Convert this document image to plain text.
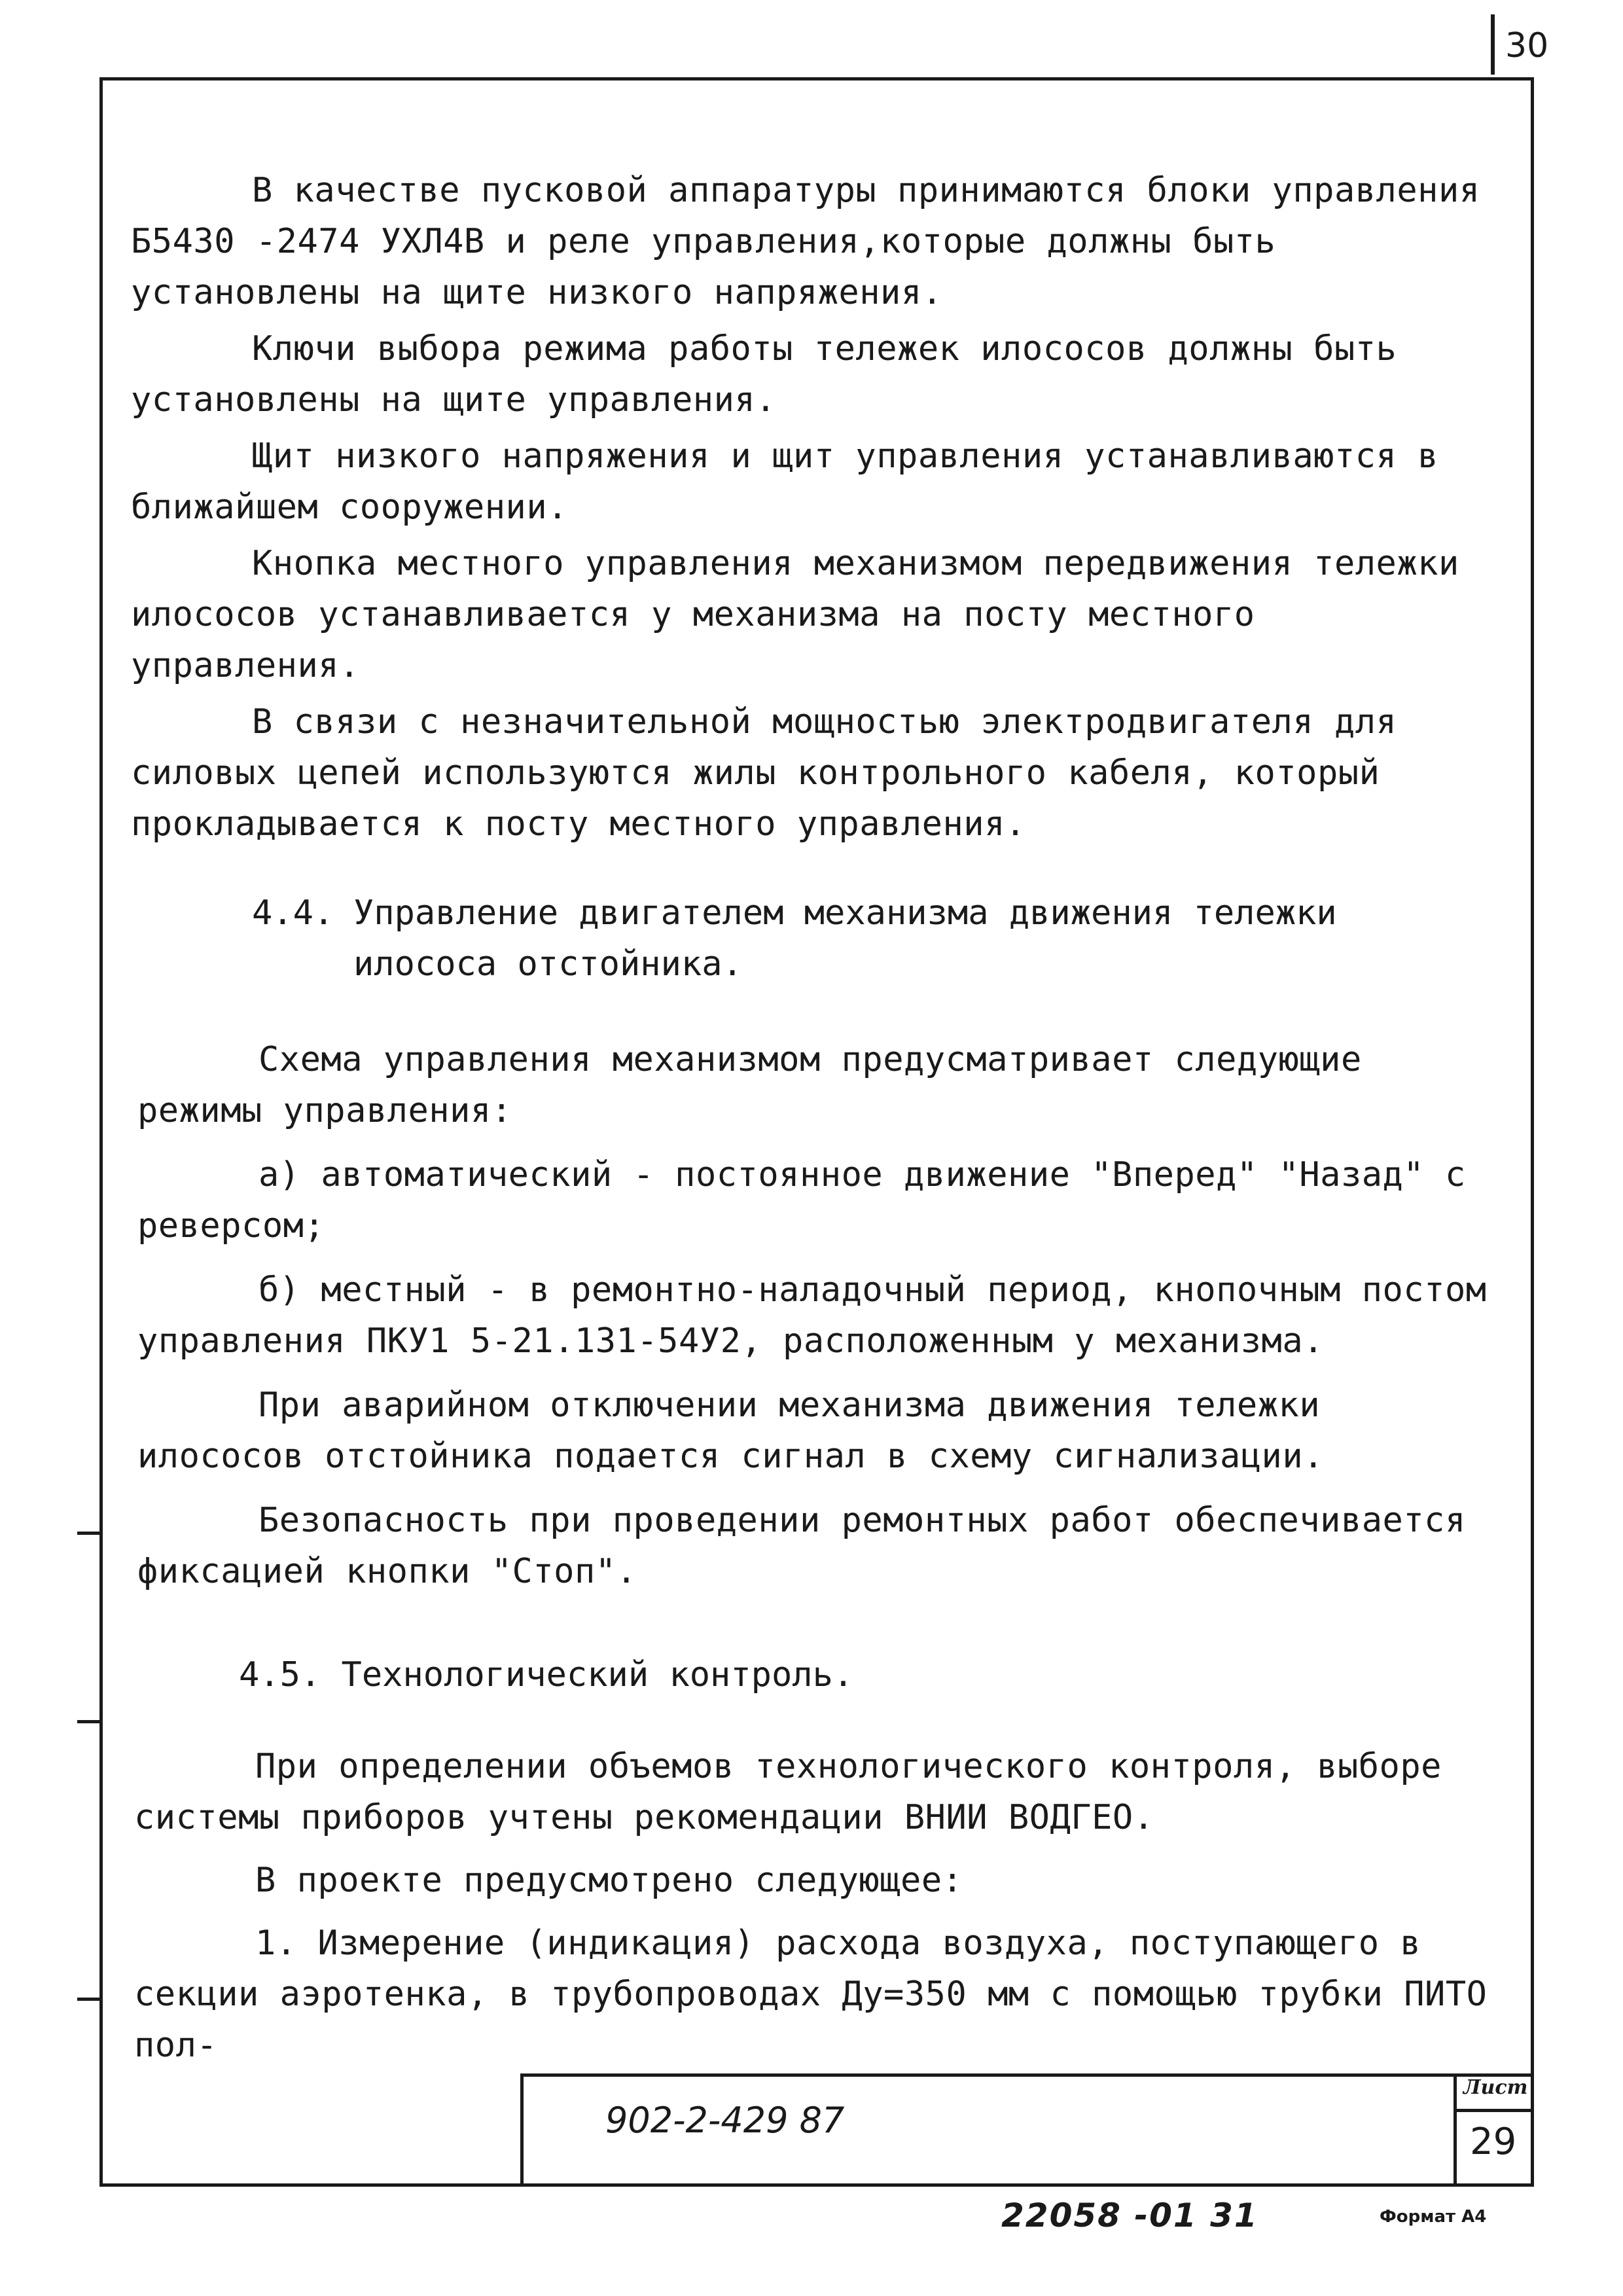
30

В качестве пусковой аппаратуры принимаются блоки управления Б5430 -2474 УХЛ4В и реле управления,которые должны быть установлены на щите низкого напряжения.

Ключи выбора режима работы тележек илососов должны быть установлены на щите управления.

Щит низкого напряжения и щит управления устанавливаются в ближайшем сооружении.

Кнопка местного управления механизмом передвижения тележки илососов устанавливается у механизма на посту местного управления.

В связи с незначительной мощностью электродвигателя для силовых цепей используются жилы контрольного кабеля, который прокладывается к посту местного управления.

4.4. Управление двигателем механизма движения тележки илососа отстойника.

Схема управления механизмом предусматривает следующие режимы управления:

а) автоматический - постоянное движение "Вперед" "Назад" с реверсом;

б) местный - в ремонтно-наладочный период, кнопочным постом управления ПКУ1 5-21.131-54У2, расположенным у механизма.

При аварийном отключении механизма движения тележки илососов отстойника подается сигнал в схему сигнализации.

Безопасность при проведении ремонтных работ обеспечивается фиксацией кнопки "Стоп".

4.5. Технологический контроль.

При определении объемов технологического контроля, выборе системы приборов учтены рекомендации ВНИИ ВОДГЕО.

В проекте предусмотрено следующее:

1. Измерение (индикация) расхода воздуха, поступающего в секции аэротенка, в трубопроводах Ду=350 мм с помощью трубки ПИТО пол-

902-2-429 87
Лист
29
22058 -01 31	Формат А4
